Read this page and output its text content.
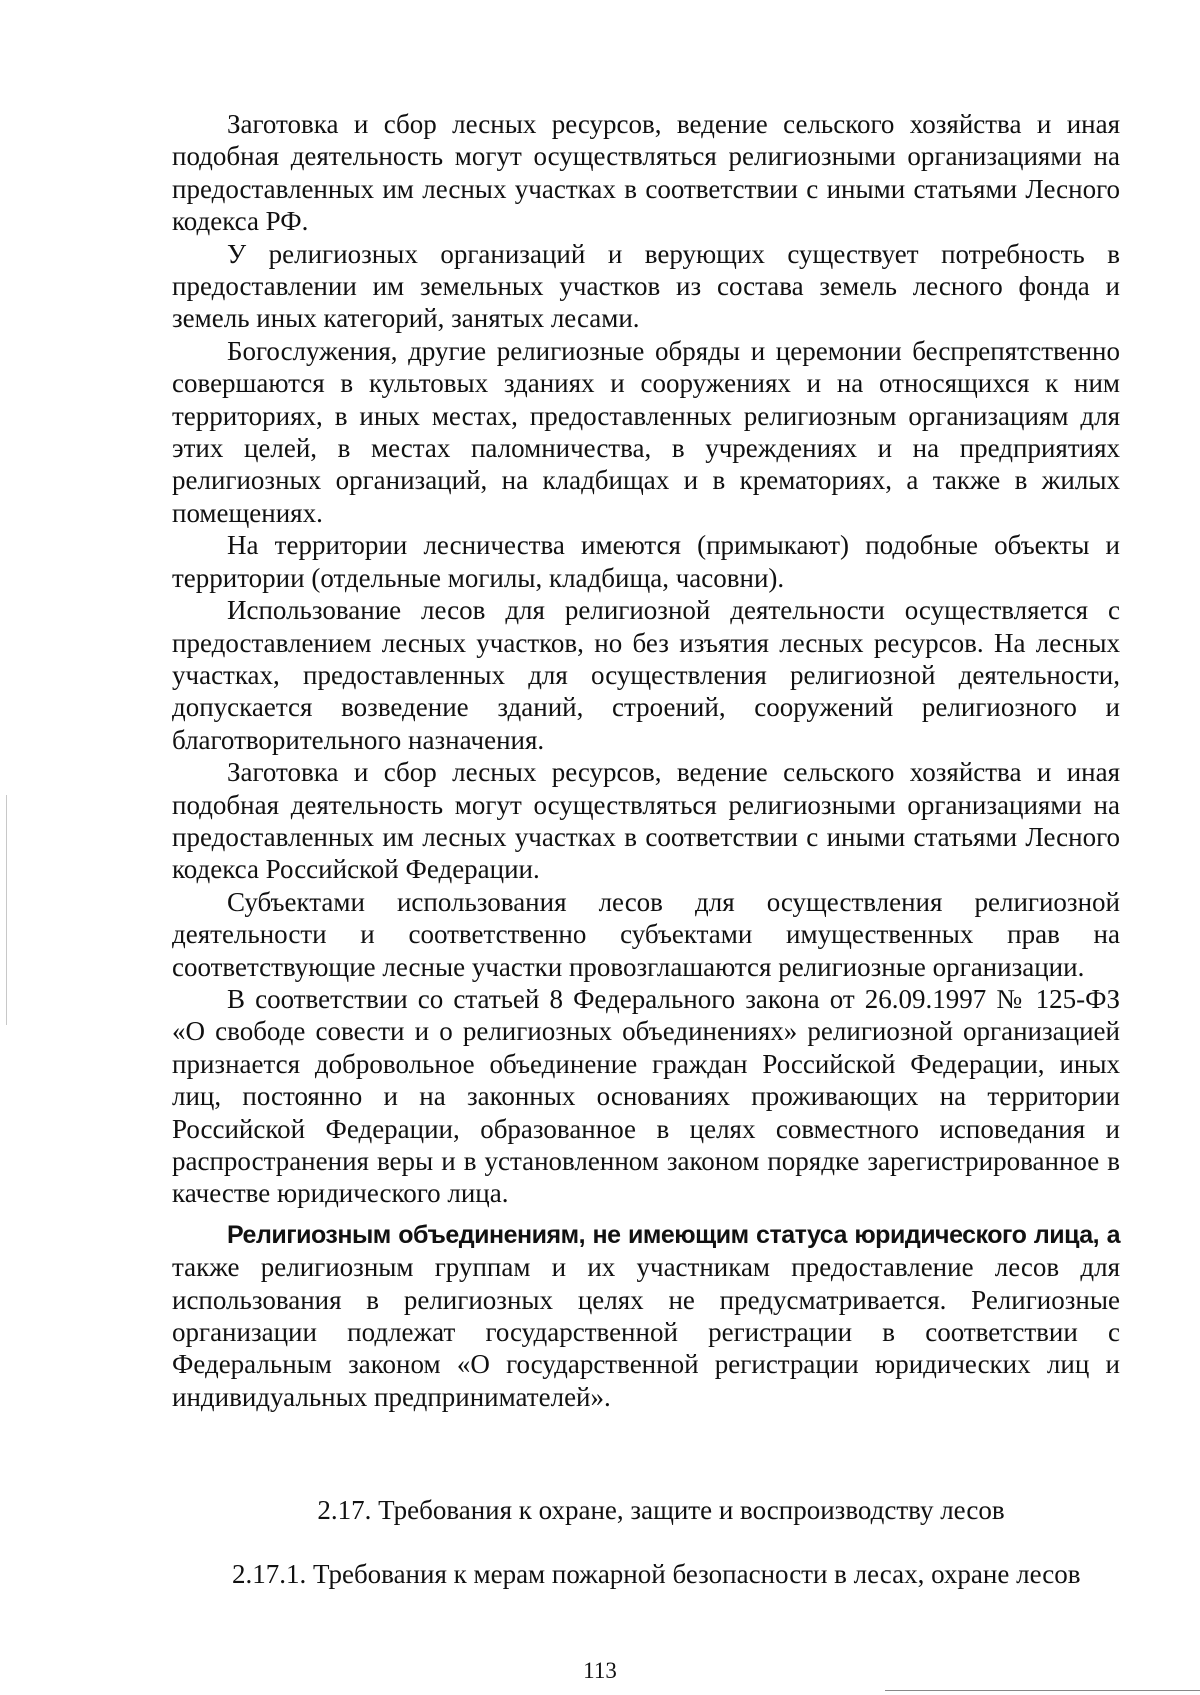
Заготовка и сбор лесных ресурсов, ведение сельского хозяйства и иная подобная деятельность могут осуществляться религиозными организациями на предоставленных им лесных участках в соответствии с иными статьями Лесного кодекса РФ.

У религиозных организаций и верующих существует потребность в предоставлении им земельных участков из состава земель лесного фонда и земель иных категорий, занятых лесами.

Богослужения, другие религиозные обряды и церемонии беспрепятственно совершаются в культовых зданиях и сооружениях и на относящихся к ним территориях, в иных местах, предоставленных религиозным организациям для этих целей, в местах паломничества, в учреждениях и на предприятиях религиозных организаций, на кладбищах и в крематориях, а также в жилых помещениях.

На территории лесничества имеются (примыкают) подобные объекты и территории (отдельные могилы, кладбища, часовни).

Использование лесов для религиозной деятельности осуществляется с предоставлением лесных участков, но без изъятия лесных ресурсов. На лесных участках, предоставленных для осуществления религиозной деятельности, допускается возведение зданий, строений, сооружений религиозного и благотворительного назначения.

Заготовка и сбор лесных ресурсов, ведение сельского хозяйства и иная подобная деятельность могут осуществляться религиозными организациями на предоставленных им лесных участках в соответствии с иными статьями Лесного кодекса Российской Федерации.

Субъектами использования лесов для осуществления религиозной деятельности и соответственно субъектами имущественных прав на соответствующие лесные участки провозглашаются религиозные организации.

В соответствии со статьей 8 Федерального закона от 26.09.1997 № 125-ФЗ «О свободе совести и о религиозных объединениях» религиозной организацией признается добровольное объединение граждан Российской Федерации, иных лиц, постоянно и на законных основаниях проживающих на территории Российской Федерации, образованное в целях совместного исповедания и распространения веры и в установленном законом порядке зарегистрированное в качестве юридического лица.

Религиозным объединениям, не имеющим статуса юридического лица, а также религиозным группам и их участникам предоставление лесов для использования в религиозных целях не предусматривается. Религиозные организации подлежат государственной регистрации в соответствии с Федеральным законом «О государственной регистрации юридических лиц и индивидуальных предпринимателей».

2.17. Требования к охране, защите и воспроизводству лесов
2.17.1. Требования к мерам пожарной безопасности в лесах, охране лесов
113
